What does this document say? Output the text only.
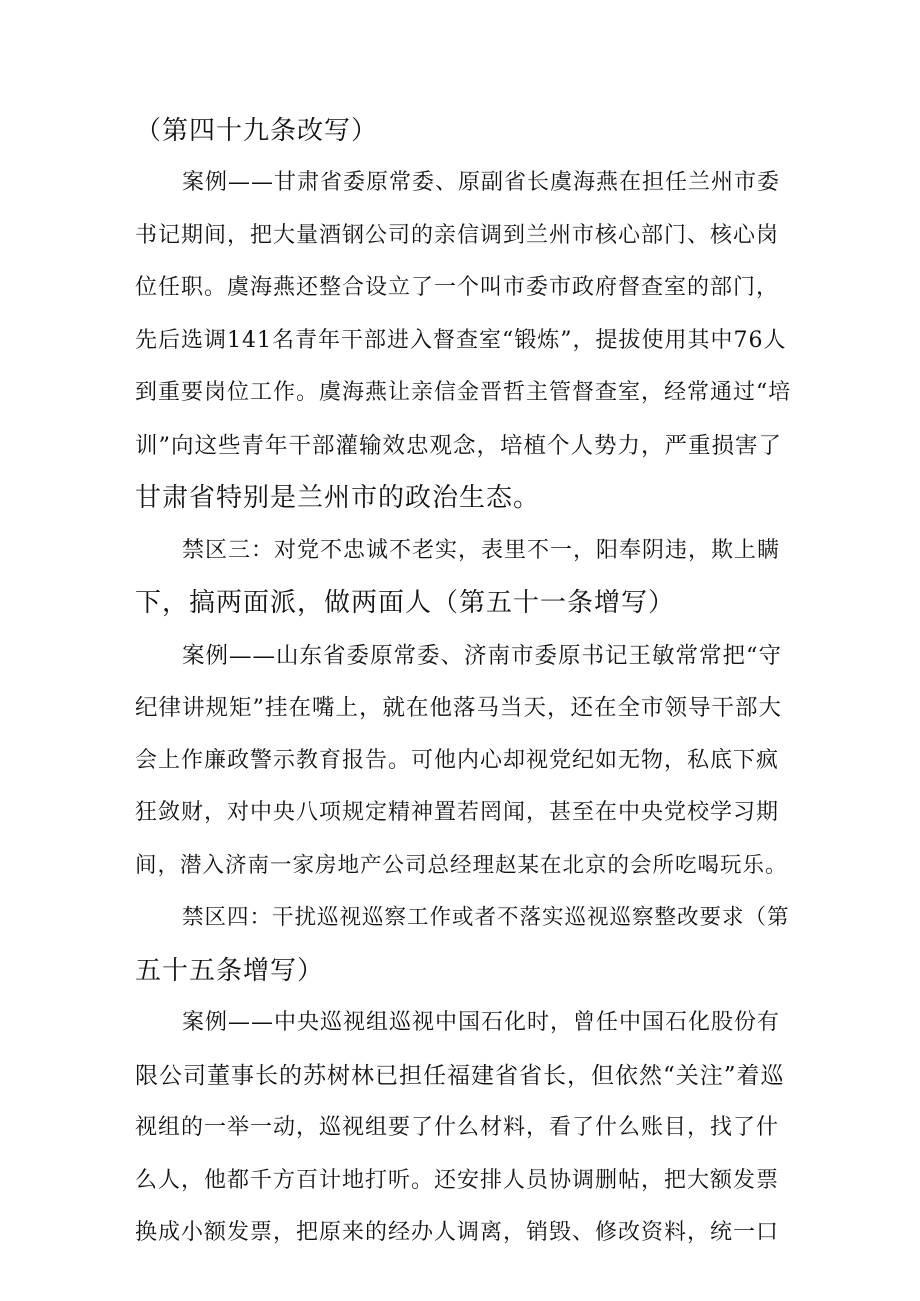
（第四十九条改写）
案例——甘肃省委原常委、原副省长虞海燕在担任兰州市委
书记期间，把大量酒钢公司的亲信调到兰州市核心部门、核心岗
位任职。虞海燕还整合设立了一个叫市委市政府督查室的部门，
先后选调141名青年干部进入督查室“锻炼”，提拔使用其中76人
到重要岗位工作。虞海燕让亲信金晋哲主管督查室，经常通过“培
训”向这些青年干部灌输效忠观念，培植个人势力，严重损害了
甘肃省特别是兰州市的政治生态。
禁区三：对党不忠诚不老实，表里不一，阳奉阴违，欺上瞒
下，搞两面派，做两面人（第五十一条增写）
案例——山东省委原常委、济南市委原书记王敏常常把“守
纪律讲规矩”挂在嘴上，就在他落马当天，还在全市领导干部大
会上作廉政警示教育报告。可他内心却视党纪如无物，私底下疯
狂敛财，对中央八项规定精神置若罔闻，甚至在中央党校学习期
间，潜入济南一家房地产公司总经理赵某在北京的会所吃喝玩乐。
禁区四：干扰巡视巡察工作或者不落实巡视巡察整改要求（第
五十五条增写）
案例——中央巡视组巡视中国石化时，曾任中国石化股份有
限公司董事长的苏树林已担任福建省省长，但依然“关注”着巡
视组的一举一动，巡视组要了什么材料，看了什么账目，找了什
么人，他都千方百计地打听。还安排人员协调删帖，把大额发票
换成小额发票，把原来的经办人调离，销毁、修改资料，统一口
